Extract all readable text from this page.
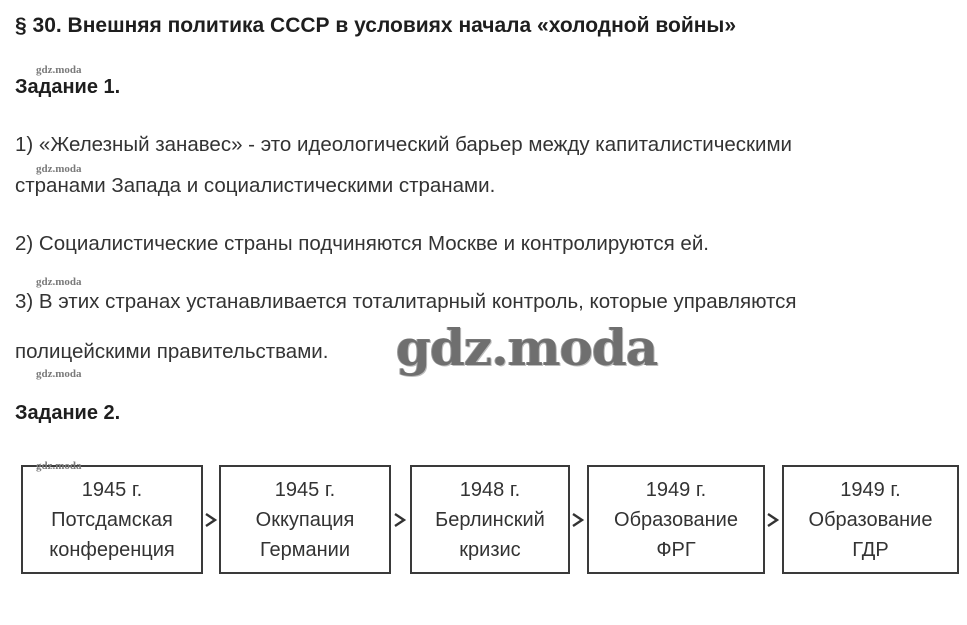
§ 30. Внешняя политика СССР в условиях начала «холодной войны»
gdz.moda
Задание 1.
1) «Железный занавес» - это идеологический барьер между капиталистическими
gdz.moda
странами Запада и социалистическими странами.
2) Социалистические страны подчиняются Москве и контролируются ей.
gdz.moda
3) В этих странах устанавливается тоталитарный контроль, которые управляются
полицейскими правительствами. gdz.moda
gdz.moda
Задание 2.
gdz.moda
1945 г.
Потсдамская
конференция
1945 г.
Оккупация
Германии
1948 г.
Берлинский
кризис
1949 г.
Образование
ФРГ
1949 г.
Образование
ГДР
